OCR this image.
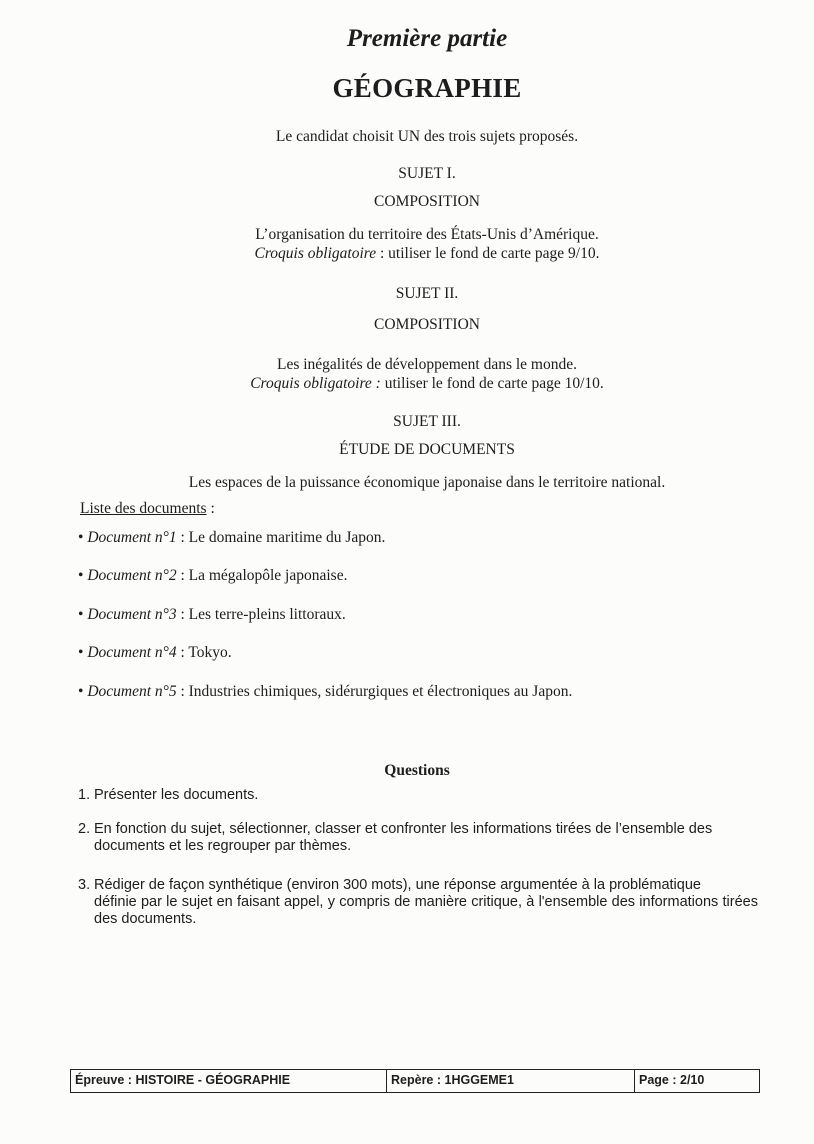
Première partie
GÉOGRAPHIE
Le candidat choisit UN des trois sujets proposés.
SUJET I.
COMPOSITION
L’organisation du territoire des États-Unis d’Amérique.
Croquis obligatoire : utiliser le fond de carte page 9/10.
SUJET II.
COMPOSITION
Les inégalités de développement dans le monde.
Croquis obligatoire : utiliser le fond de carte page 10/10.
SUJET III.
ÉTUDE DE DOCUMENTS
Les espaces de la puissance économique japonaise dans le territoire national.
Liste des documents :
• Document n°1 : Le domaine maritime du Japon.
• Document n°2 : La mégalopôle japonaise.
• Document n°3 : Les terre-pleins littoraux.
• Document n°4 : Tokyo.
• Document n°5 : Industries chimiques, sidérurgiques et électroniques au Japon.
Questions
1. Présenter les documents.
2. En fonction du sujet, sélectionner, classer et confronter les informations tirées de l’ensemble des
documents et les regrouper par thèmes.
3. Rédiger de façon synthétique (environ 300 mots), une réponse argumentée à la problématique
définie par le sujet en faisant appel, y compris de manière critique, à l'ensemble des informations tirées des documents.
Épreuve : HISTOIRE - GÉOGRAPHIE	Repère : 1HGGEME1	Page : 2/10
